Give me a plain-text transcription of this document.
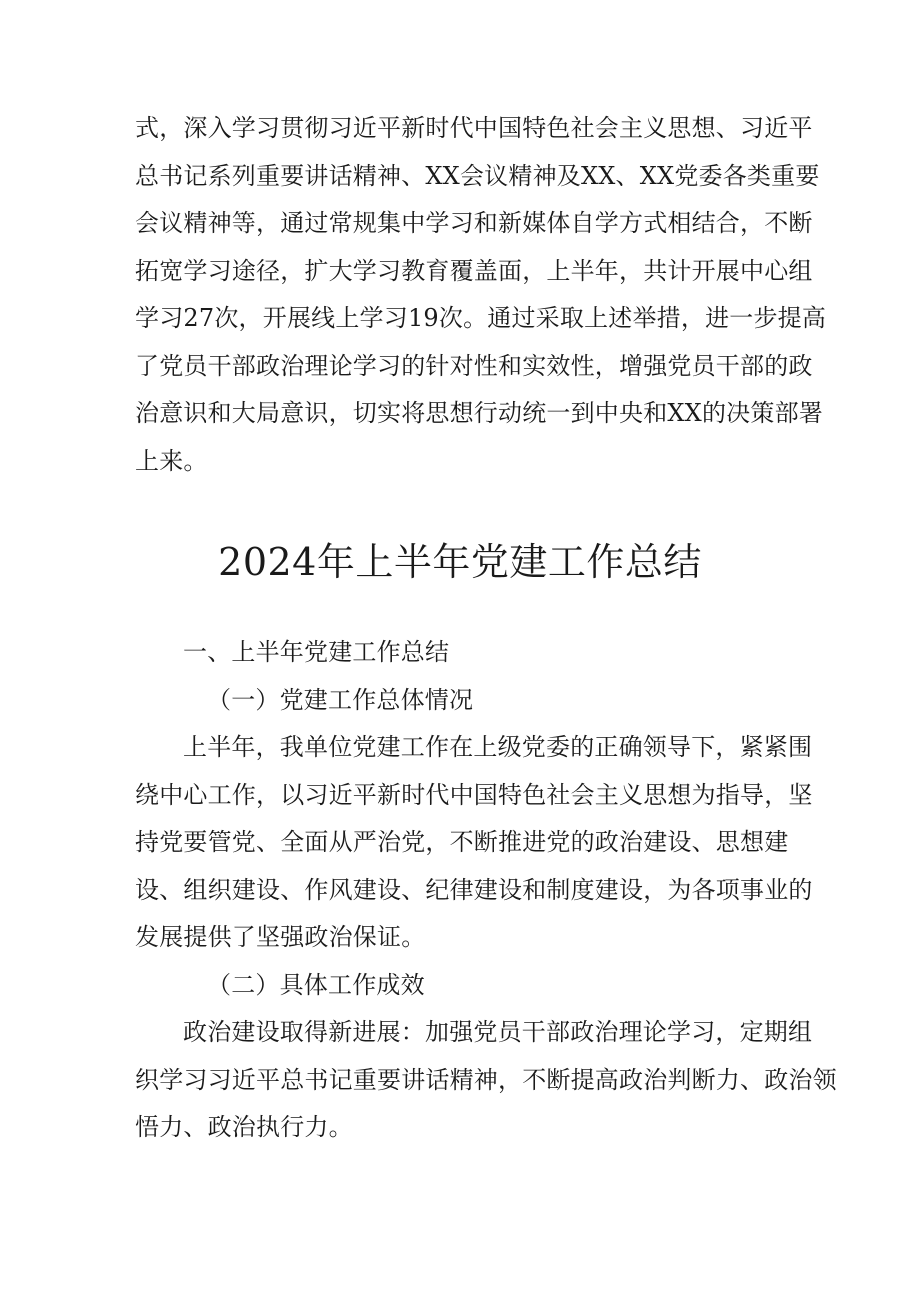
式，深入学习贯彻习近平新时代中国特色社会主义思想、习近平
总书记系列重要讲话精神、XX会议精神及XX、XX党委各类重要
会议精神等，通过常规集中学习和新媒体自学方式相结合，不断
拓宽学习途径，扩大学习教育覆盖面，上半年，共计开展中心组
学习27次，开展线上学习19次。通过采取上述举措，进一步提高
了党员干部政治理论学习的针对性和实效性，增强党员干部的政
治意识和大局意识，切实将思想行动统一到中央和XX的决策部署
上来。
2024年上半年党建工作总结
一、上半年党建工作总结
（一）党建工作总体情况
上半年，我单位党建工作在上级党委的正确领导下，紧紧围
绕中心工作，以习近平新时代中国特色社会主义思想为指导，坚
持党要管党、全面从严治党，不断推进党的政治建设、思想建
设、组织建设、作风建设、纪律建设和制度建设，为各项事业的
发展提供了坚强政治保证。
（二）具体工作成效
政治建设取得新进展：加强党员干部政治理论学习，定期组
织学习习近平总书记重要讲话精神，不断提高政治判断力、政治领
悟力、政治执行力。
